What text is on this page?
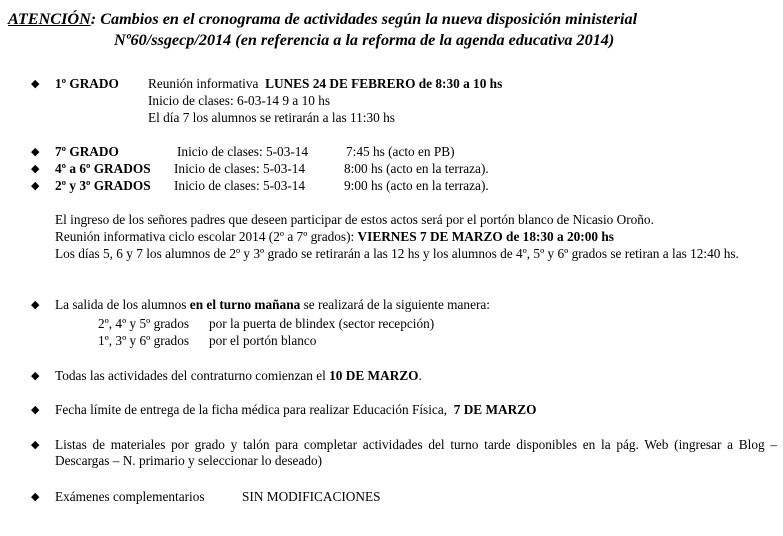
ATENCIÓN: Cambios en el cronograma de actividades según la nueva disposición ministerial
Nº60/ssgecp/2014 (en referencia a la reforma de la agenda educativa 2014)
◆ 1º GRADO Reunión informativa LUNES 24 DE FEBRERO de 8:30 a 10 hs
Inicio de clases: 6-03-14 9 a 10 hs
El día 7 los alumnos se retirarán a las 11:30 hs
◆ 7º GRADO	Inicio de clases: 5-03-14	7:45 hs (acto en PB)
◆ 4º a 6º GRADOS Inicio de clases: 5-03-14	8:00 hs (acto en la terraza).
◆ 2º y 3º GRADOS Inicio de clases: 5-03-14	9:00 hs (acto en la terraza).
El ingreso de los señores padres que deseen participar de estos actos será por el portón blanco de Nicasio Oroño.
Reunión informativa ciclo escolar 2014 (2º a 7º grados): VIERNES 7 DE MARZO de 18:30 a 20:00 hs
Los días 5, 6 y 7 los alumnos de 2º y 3º grado se retirarán a las 12 hs y los alumnos de 4º, 5º y 6º grados se retiran a las 12:40 hs.
◆ La salida de los alumnos en el turno mañana se realizará de la siguiente manera:
2º, 4º y 5º grados      por la puerta de blindex (sector recepción)
1º, 3º y 6º grados      por el portón blanco
◆ Todas las actividades del contraturno comienzan el 10 DE MARZO.
◆ Fecha límite de entrega de la ficha médica para realizar Educación Física,  7 DE MARZO
◆ Listas de materiales por grado y talón para completar actividades del turno tarde disponibles en la pág. Web (ingresar a Blog – Descargas – N. primario y seleccionar lo deseado)
◆ Exámenes complementarios	SIN MODIFICACIONES
